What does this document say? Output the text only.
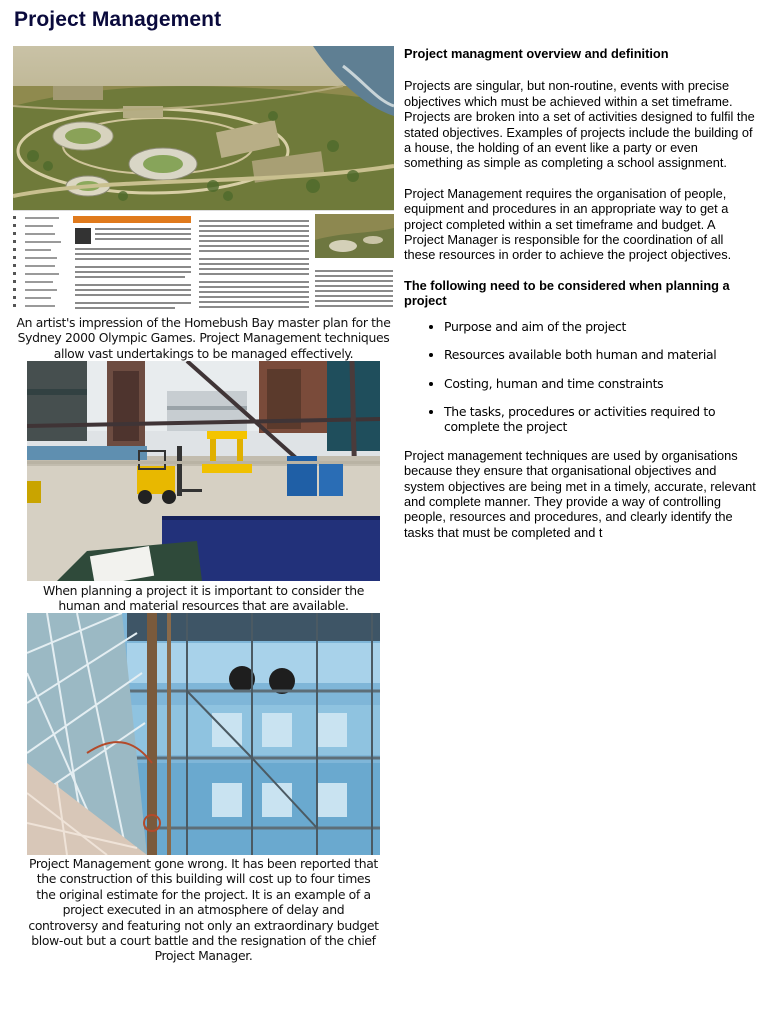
Project Management
An artist's impression of the Homebush Bay master plan for the Sydney 2000 Olympic Games. Project Management techniques allow vast undertakings to be managed effectively.
When planning a project it is important to consider the human and material resources that are available.
Project Management gone wrong. It has been reported that the construction of this building will cost up to four times the original estimate for the project. It is an example of a project executed in an atmosphere of delay and controversy and featuring not only an extraordinary budget blow-out but a court battle and the resignation of the chief Project Manager.
Project managment overview and definition

Projects are singular, but non-routine, events with precise objectives which must be achieved within a set timeframe. Projects are broken into a set of activities designed to fulfil the stated objectives. Examples of projects include the building of a house, the holding of an event like a party or even something as simple as completing a school assignment.

Project Management requires the organisation of people, equipment and procedures in an appropriate way to get a project completed within a set timeframe and budget. A Project Manager is responsible for the coordination of all these resources in order to achieve the project objectives.

The following need to be considered when planning a project
• Purpose and aim of the project
• Resources available both human and material
• Costing, human and time constraints
• The tasks, procedures or activities required to complete the project

Project management techniques are used by organisations because they ensure that organisational objectives and system objectives are being met in a timely, accurate, relevant and complete manner. They provide a way of controlling people, resources and procedures, and clearly identify the tasks that must be completed and t
